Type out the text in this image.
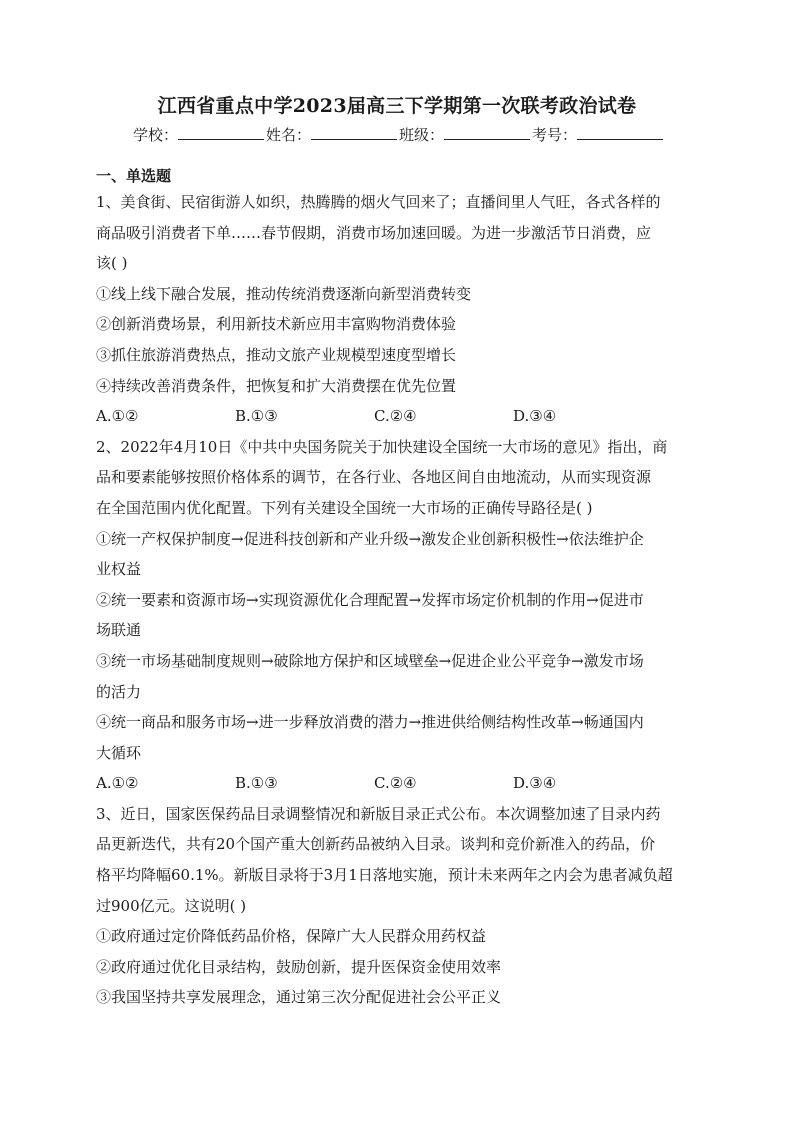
江西省重点中学2023届高三下学期第一次联考政治试卷
学校：	姓名：	班级：	考号：
一、单选题
1、美食街、民宿街游人如织，热腾腾的烟火气回来了；直播间里人气旺，各式各样的
商品吸引消费者下单……春节假期，消费市场加速回暖。为进一步激活节日消费，应
该( )
①线上线下融合发展，推动传统消费逐渐向新型消费转变
②创新消费场景，利用新技术新应用丰富购物消费体验
③抓住旅游消费热点，推动文旅产业规模型速度型增长
④持续改善消费条件，把恢复和扩大消费摆在优先位置
A.①②	B.①③	C.②④	D.③④
2、2022年4月10日《中共中央国务院关于加快建设全国统一大市场的意见》指出，商
品和要素能够按照价格体系的调节，在各行业、各地区间自由地流动，从而实现资源
在全国范围内优化配置。下列有关建设全国统一大市场的正确传导路径是( )
①统一产权保护制度→促进科技创新和产业升级→激发企业创新积极性→依法维护企
业权益
②统一要素和资源市场→实现资源优化合理配置→发挥市场定价机制的作用→促进市
场联通
③统一市场基础制度规则→破除地方保护和区域壁垒→促进企业公平竞争→激发市场
的活力
④统一商品和服务市场→进一步释放消费的潜力→推进供给侧结构性改革→畅通国内
大循环
A.①②	B.①③	C.②④	D.③④
3、近日，国家医保药品目录调整情况和新版目录正式公布。本次调整加速了目录内药
品更新迭代，共有20个国产重大创新药品被纳入目录。谈判和竞价新准入的药品，价
格平均降幅60.1%。新版目录将于3月1日落地实施，预计未来两年之内会为患者减负超
过900亿元。这说明( )
①政府通过定价降低药品价格，保障广大人民群众用药权益
②政府通过优化目录结构，鼓励创新，提升医保资金使用效率
③我国坚持共享发展理念，通过第三次分配促进社会公平正义
